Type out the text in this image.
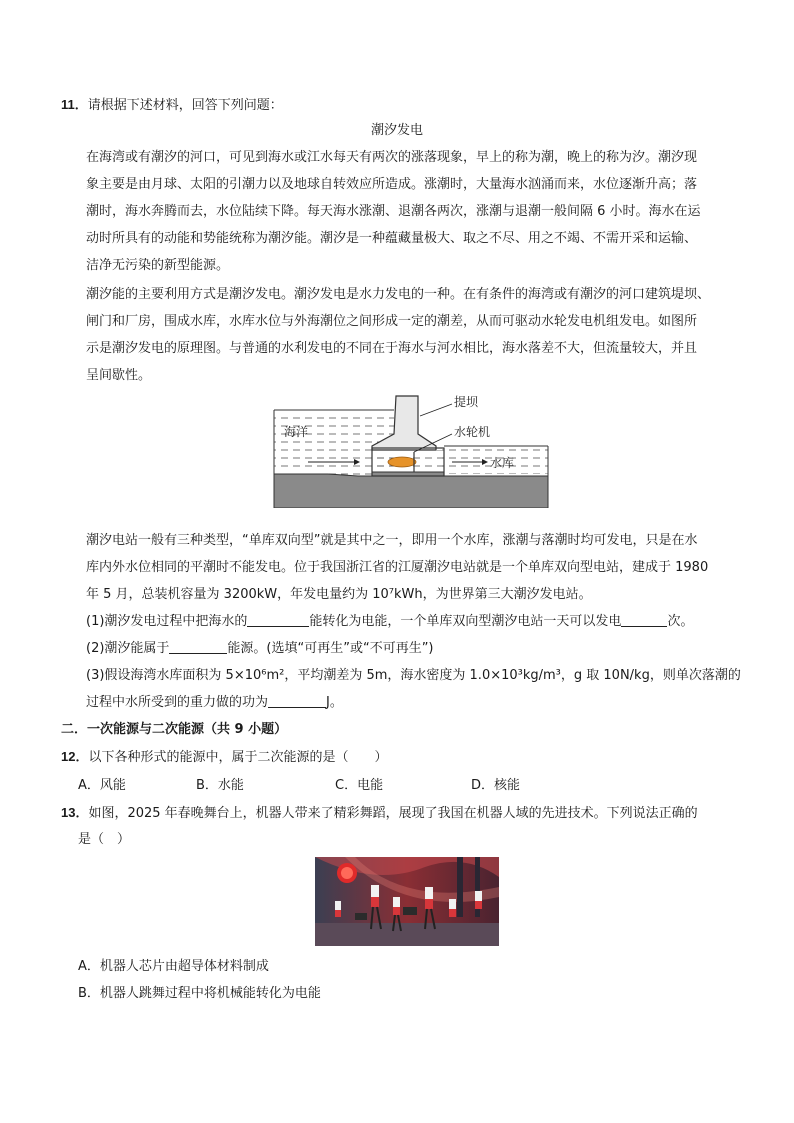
11．请根据下述材料，回答下列问题：
潮汐发电
在海湾或有潮汐的河口，可见到海水或江水每天有两次的涨落现象，早上的称为潮，晚上的称为汐。潮汐现
象主要是由月球、太阳的引潮力以及地球自转效应所造成。涨潮时，大量海水汹涌而来，水位逐渐升高；落
潮时，海水奔腾而去，水位陆续下降。每天海水涨潮、退潮各两次，涨潮与退潮一般间隔 6 小时。海水在运
动时所具有的动能和势能统称为潮汐能。潮汐是一种蕴藏量极大、取之不尽、用之不竭、不需开采和运输、
洁净无污染的新型能源。
潮汐能的主要利用方式是潮汐发电。潮汐发电是水力发电的一种。在有条件的海湾或有潮汐的河口建筑堤坝、
闸门和厂房，围成水库，水库水位与外海潮位之间形成一定的潮差，从而可驱动水轮发电机组发电。如图所
示是潮汐发电的原理图。与普通的水利发电的不同在于海水与河水相比，海水落差不大，但流量较大，并且
呈间歇性。
提坝
水轮机
海洋
水库
潮汐电站一般有三种类型，“单库双向型”就是其中之一，即用一个水库，涨潮与落潮时均可发电，只是在水
库内外水位相同的平潮时不能发电。位于我国浙江省的江厦潮汐电站就是一个单库双向型电站，建成于 1980
年 5 月，总装机容量为 3200kW，年发电量约为 10⁷kWh，为世界第三大潮汐发电站。
(1)潮汐发电过程中把海水的	能转化为电能，一个单库双向型潮汐电站一天可以发电	次。
(2)潮汐能属于	能源。(选填“可再生”或“不可再生”)
(3)假设海湾水库面积为 5×10⁶m²，平均潮差为 5m，海水密度为 1.0×10³kg/m³，g 取 10N/kg，则单次落潮的
过程中水所受到的重力做的功为	J。
二．一次能源与二次能源（共 9 小题）
12．以下各种形式的能源中，属于二次能源的是（　　）
A．风能	B．水能	C．电能	D．核能
13．如图，2025 年春晚舞台上，机器人带来了精彩舞蹈，展现了我国在机器人域的先进技术。下列说法正确的
是（　）
A．机器人芯片由超导体材料制成
B．机器人跳舞过程中将机械能转化为电能
